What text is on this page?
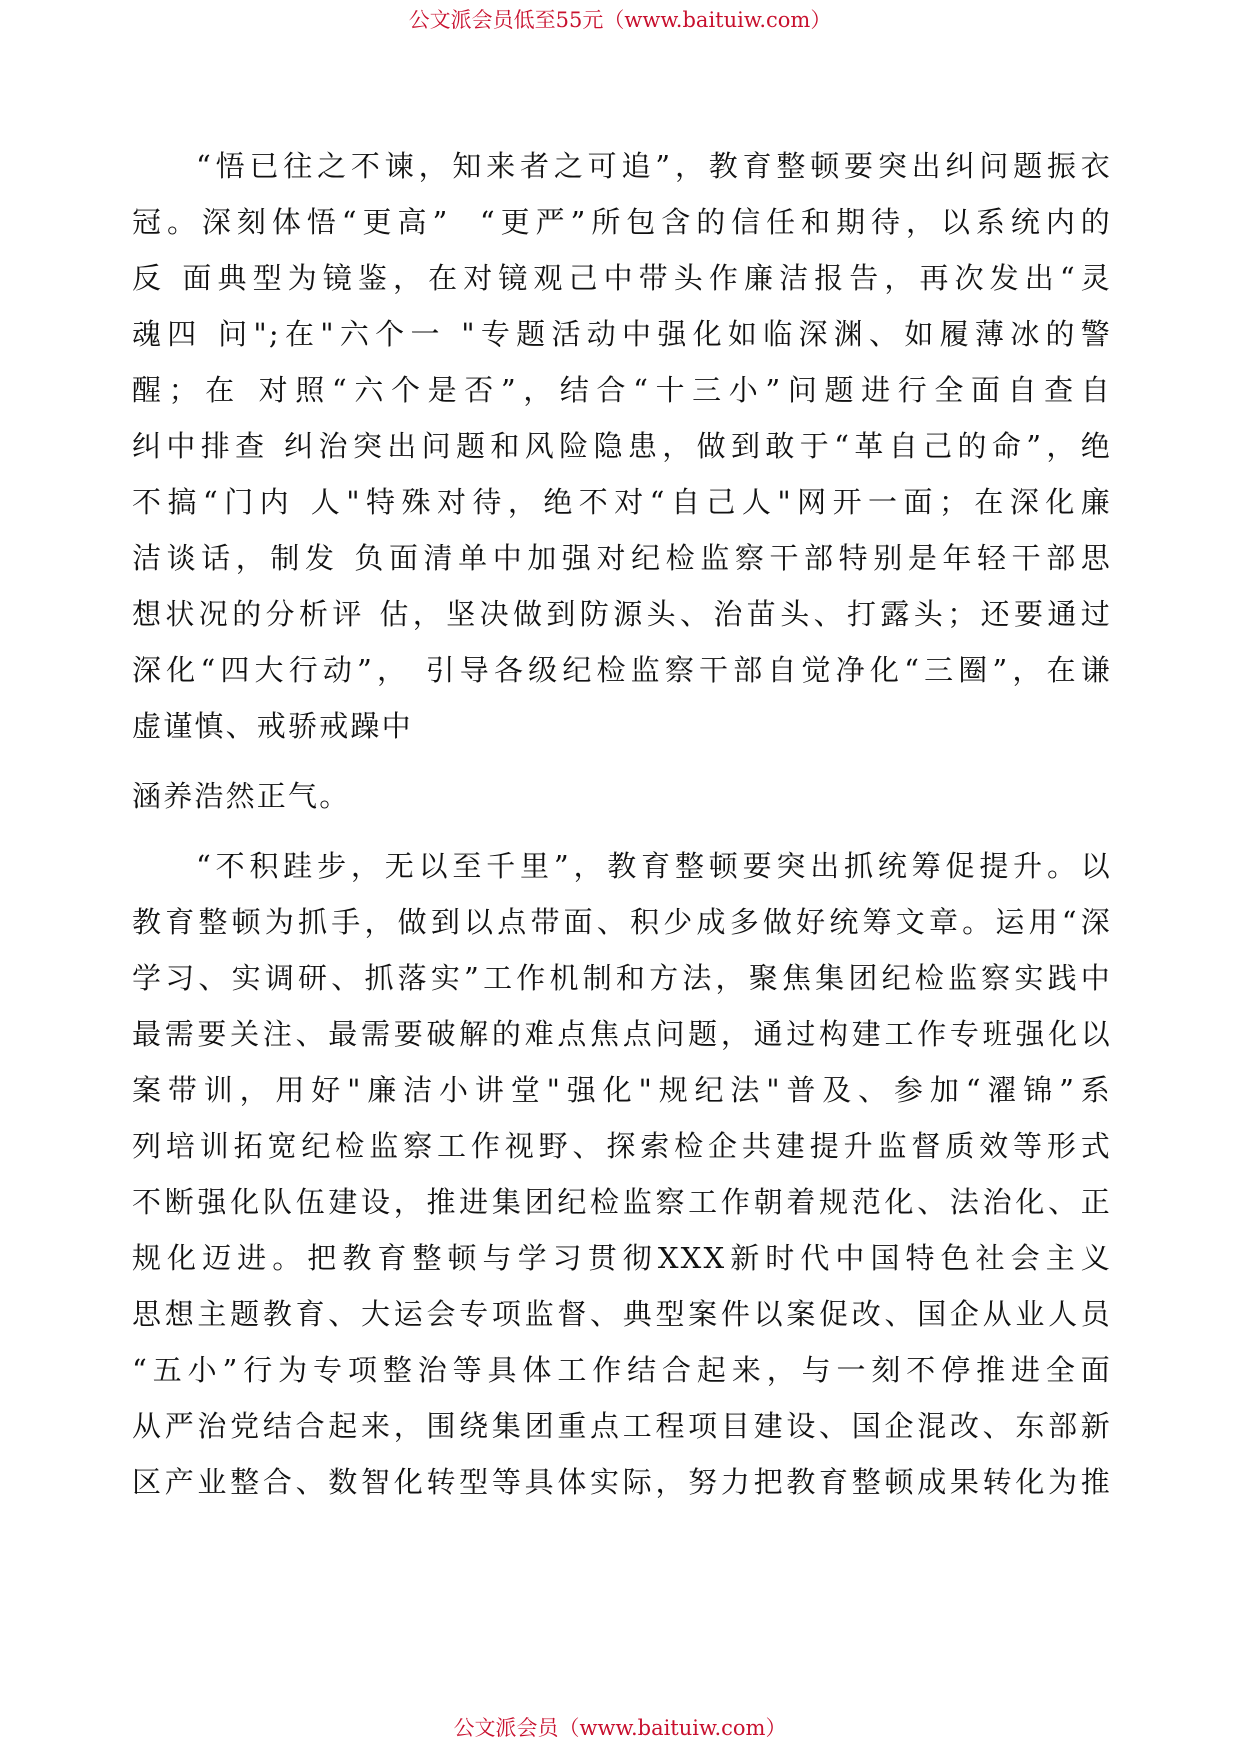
公文派会员低至55元（www.baituiw.com）
“悟已往之不谏，知来者之可追”，教育整顿要突出纠问题振衣
冠。深刻体悟“更高”  “更严”所包含的信任和期待，以系统内的
反 面典型为镜鉴，在对镜观己中带头作廉洁报告，再次发出“灵
魂四 问";在"六个一 "专题活动中强化如临深渊、如履薄冰的警
醒；在 对照“六个是否”，结合“十三小”问题进行全面自查自
纠中排查 纠治突出问题和风险隐患，做到敢于“革自己的命”，绝
不搞“门内 人"特殊对待，绝不对“自己人"网开一面；在深化廉
洁谈话，制发 负面清单中加强对纪检监察干部特别是年轻干部思
想状况的分析评 估，坚决做到防源头、治苗头、打露头；还要通过
深化“四大行动”， 引导各级纪检监察干部自觉净化“三圈”，在谦
虚谨慎、戒骄戒躁中
涵养浩然正气。
“不积跬步，无以至千里”，教育整顿要突出抓统筹促提升。以
教育整顿为抓手，做到以点带面、积少成多做好统筹文章。运用“深
学习、实调研、抓落实”工作机制和方法，聚焦集团纪检监察实践中
最需要关注、最需要破解的难点焦点问题，通过构建工作专班强化以
案带训，用好"廉洁小讲堂"强化"规纪法"普及、参加“濯锦”系
列培训拓宽纪检监察工作视野、探索检企共建提升监督质效等形式
不断强化队伍建设，推进集团纪检监察工作朝着规范化、法治化、正
规化迈进。把教育整顿与学习贯彻XXX新时代中国特色社会主义
思想主题教育、大运会专项监督、典型案件以案促改、国企从业人员
“五小”行为专项整治等具体工作结合起来，与一刻不停推进全面
从严治党结合起来，围绕集团重点工程项目建设、国企混改、东部新
区产业整合、数智化转型等具体实际，努力把教育整顿成果转化为推
公文派会员（www.baituiw.com）
